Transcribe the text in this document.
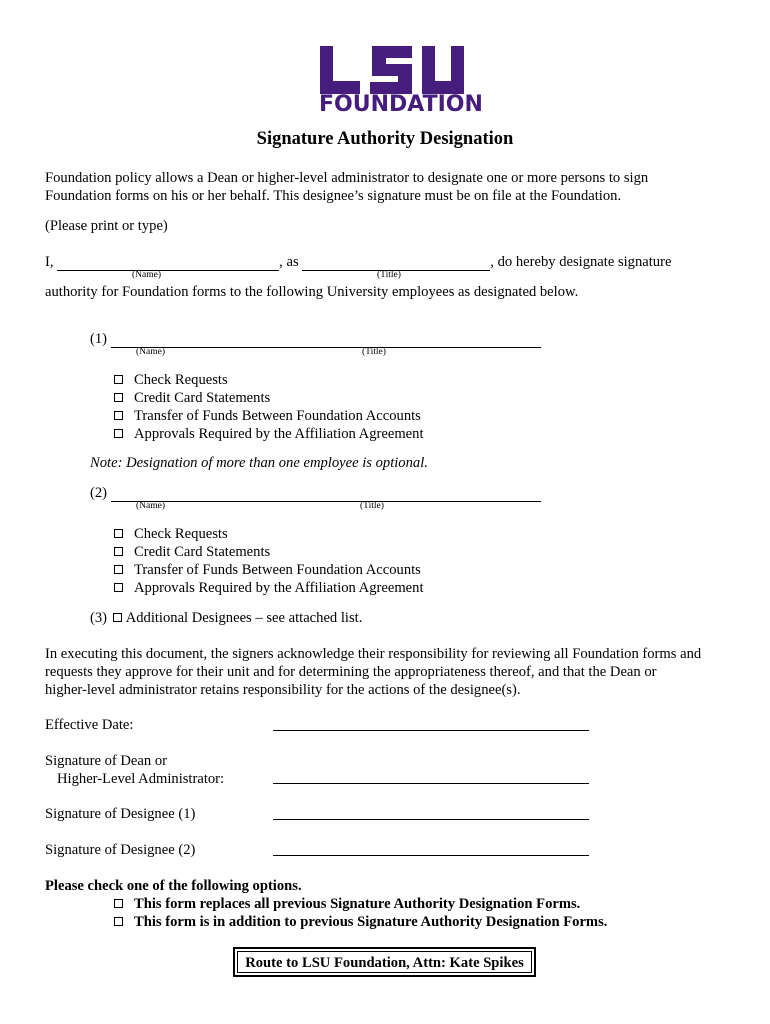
FOUNDATION
Signature Authority Designation
Foundation policy allows a Dean or higher-level administrator to designate one or more persons to sign
Foundation forms on his or her behalf. This designee’s signature must be on file at the Foundation.
(Please print or type)
I,	, as	, do hereby designate signature
(Name)	(Title)
authority for Foundation forms to the following University employees as designated below.
(1)
(Name)	(Title)
Check Requests
Credit Card Statements
Transfer of Funds Between Foundation Accounts
Approvals Required by the Affiliation Agreement
Note: Designation of more than one employee is optional.
(2)
(Name)	(Title)
Check Requests
Credit Card Statements
Transfer of Funds Between Foundation Accounts
Approvals Required by the Affiliation Agreement
(3) Additional Designees – see attached list.
In executing this document, the signers acknowledge their responsibility for reviewing all Foundation forms and
requests they approve for their unit and for determining the appropriateness thereof, and that the Dean or
higher-level administrator retains responsibility for the actions of the designee(s).
Effective Date:
Signature of Dean or
Higher-Level Administrator:
Signature of Designee (1)
Signature of Designee (2)
Please check one of the following options.
This form replaces all previous Signature Authority Designation Forms.
This form is in addition to previous Signature Authority Designation Forms.
Route to LSU Foundation, Attn: Kate Spikes
